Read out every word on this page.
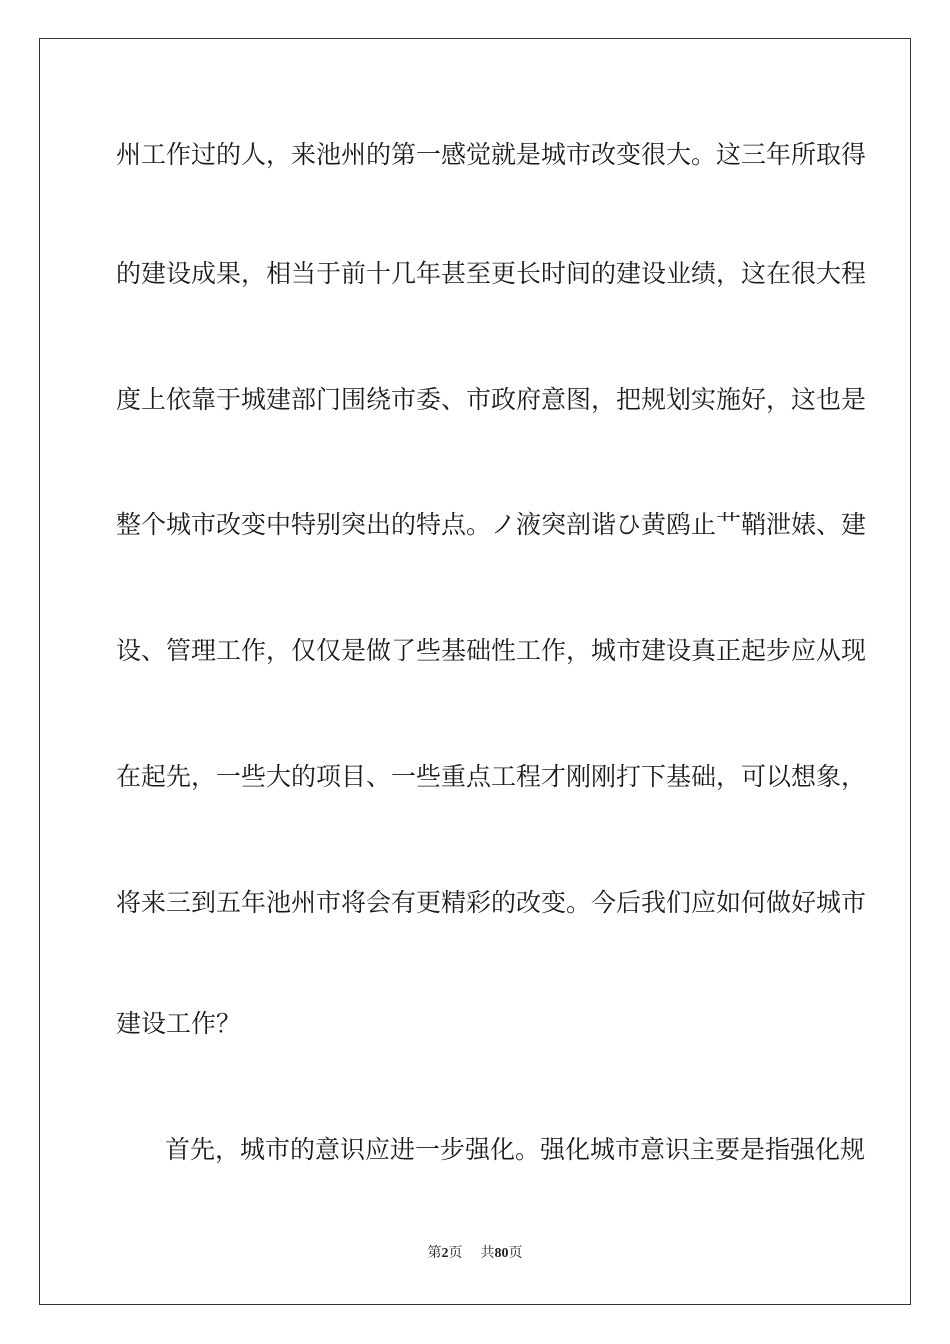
州工作过的人，来池州的第一感觉就是城市改变很大。这三年所取得
的建设成果，相当于前十几年甚至更长时间的建设业绩，这在很大程
度上依靠于城建部门围绕市委、市政府意图，把规划实施好，这也是
整个城市改变中特别突出的特点。ノ液突剖谐ひ黄鸥止艹鞘泄婊、建
设、管理工作，仅仅是做了些基础性工作，城市建设真正起步应从现
在起先，一些大的项目、一些重点工程才刚刚打下基础，可以想象，
将来三到五年池州市将会有更精彩的改变。今后我们应如何做好城市
建设工作？
首先，城市的意识应进一步强化。强化城市意识主要是指强化规
第2页 共80页
